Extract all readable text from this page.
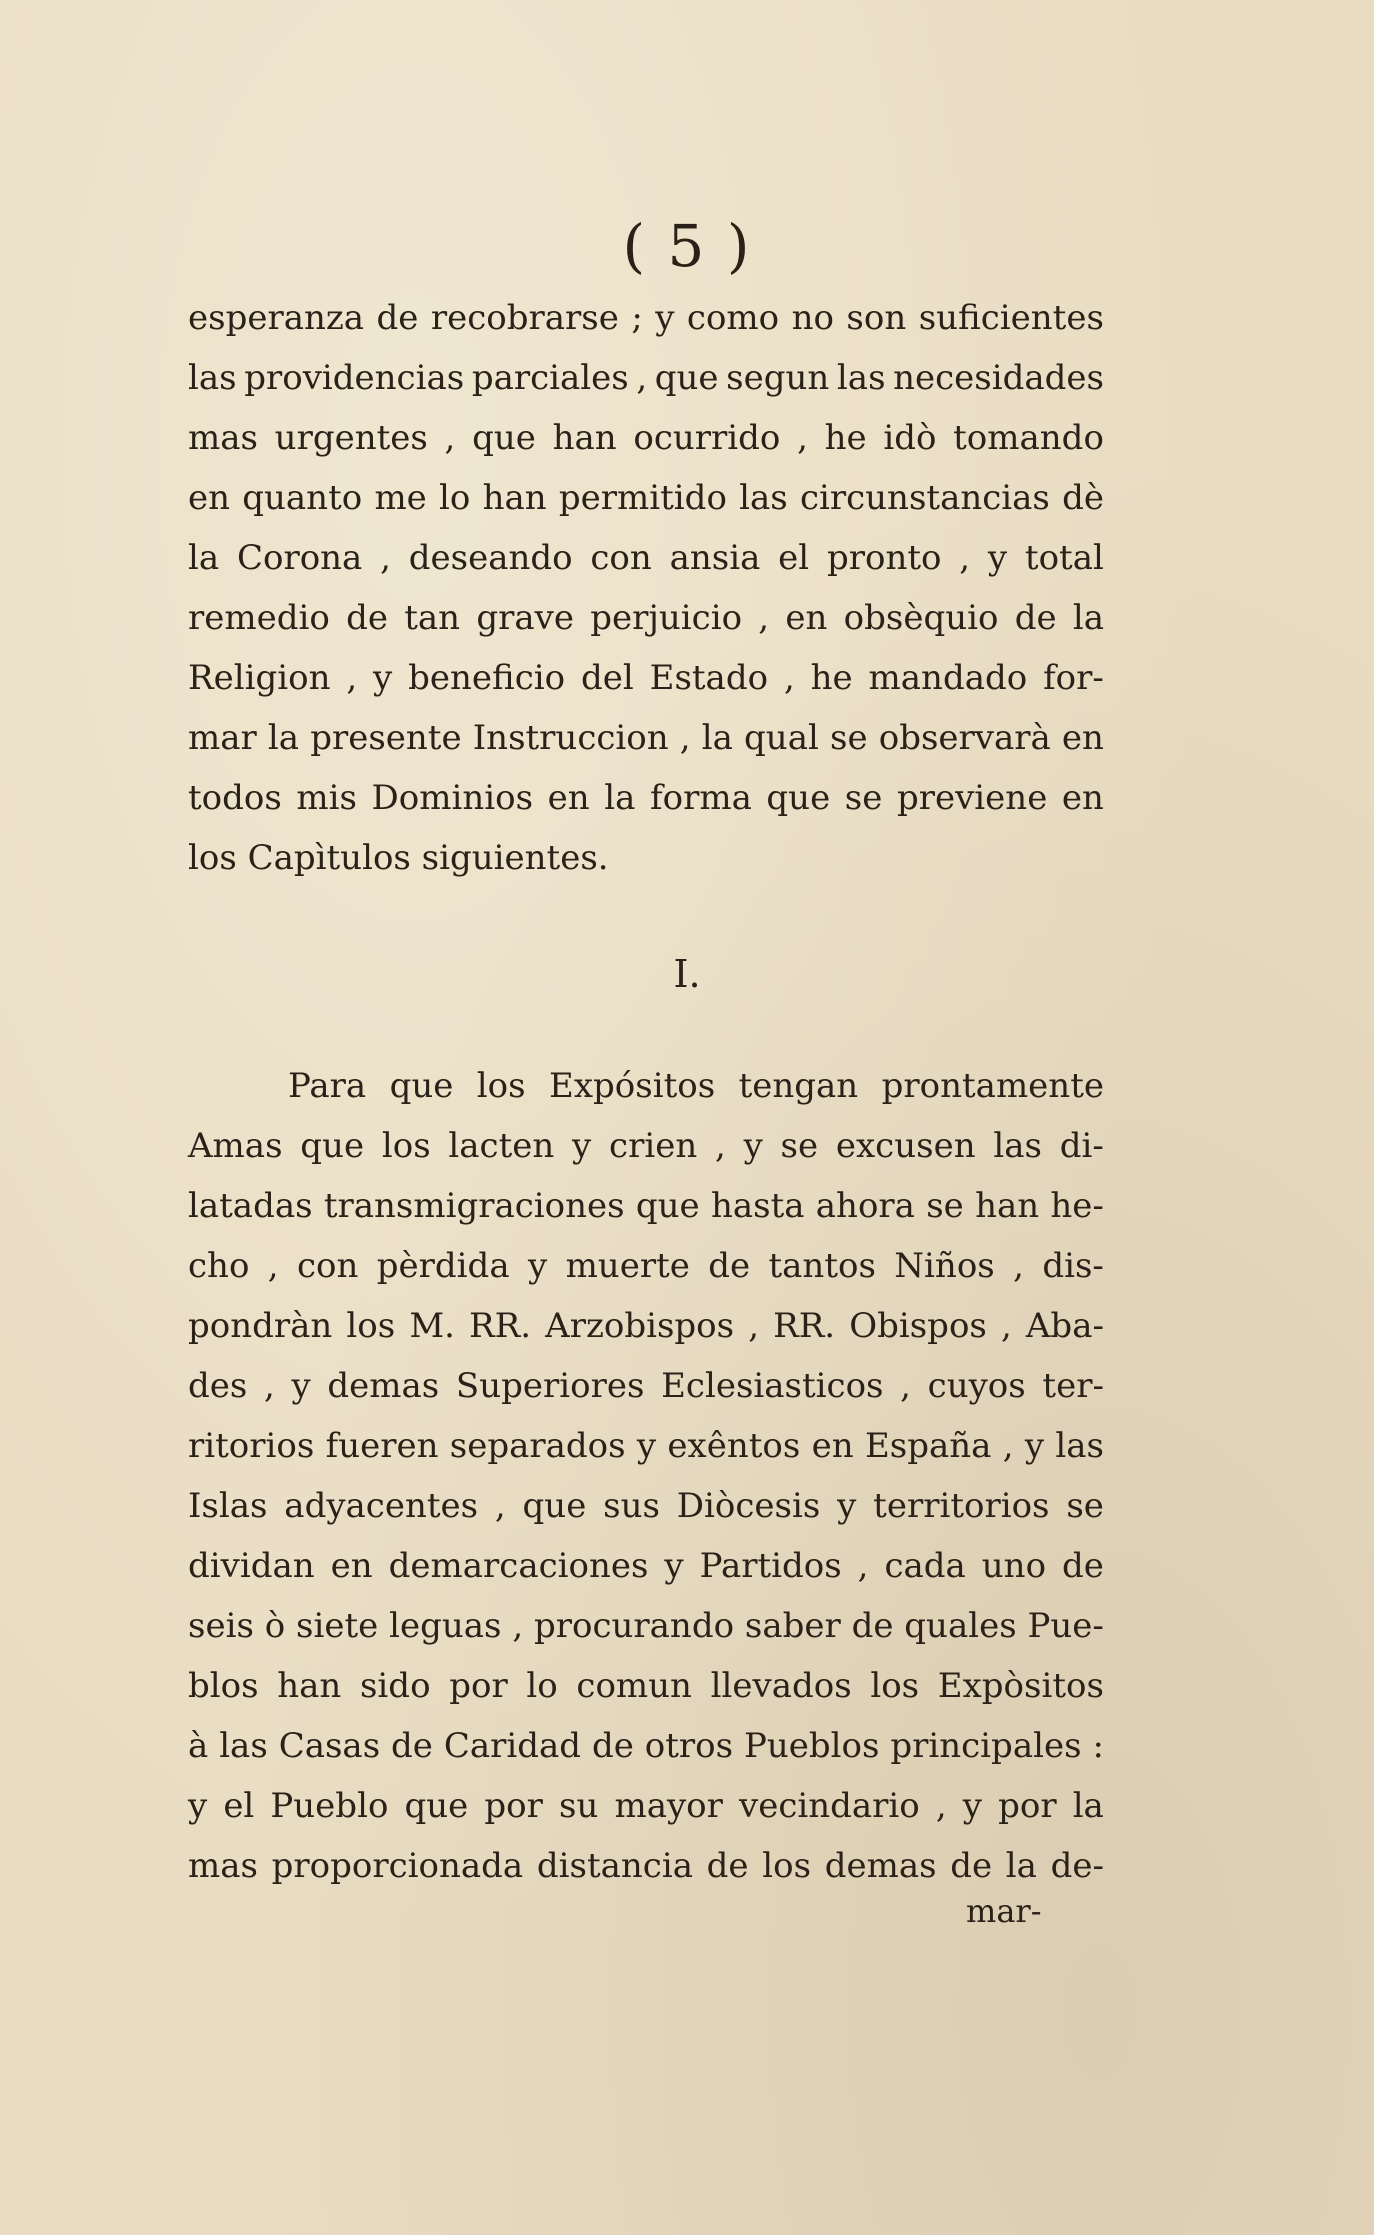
( 5 )
esperanza de recobrarse ; y como no son suficientes
las providencias parciales , que segun las necesidades
mas urgentes , que han ocurrido , he idò tomando
en quanto me lo han permitido las circunstancias dè
la Corona , deseando con ansia el pronto , y total
remedio de tan grave perjuicio , en obsèquio de la
Religion , y beneficio del Estado , he mandado for-
mar la presente Instruccion , la qual se observarà en
todos mis Dominios en la forma que se previene en
los Capìtulos siguientes.
I.
Para que los Expósitos tengan prontamente
Amas que los lacten y crien , y se excusen las di-
latadas transmigraciones que hasta ahora se han he-
cho , con pèrdida y muerte de tantos Niños , dis-
pondràn los M. RR. Arzobispos , RR. Obispos , Aba-
des , y demas Superiores Eclesiasticos , cuyos ter-
ritorios fueren separados y exêntos en España , y las
Islas adyacentes , que sus Diòcesis y territorios se
dividan en demarcaciones y Partidos , cada uno de
seis ò siete leguas , procurando saber de quales Pue-
blos han sido por lo comun llevados los Expòsitos
à las Casas de Caridad de otros Pueblos principales :
y el Pueblo que por su mayor vecindario , y por la
mas proporcionada distancia de los demas de la de-
mar-
